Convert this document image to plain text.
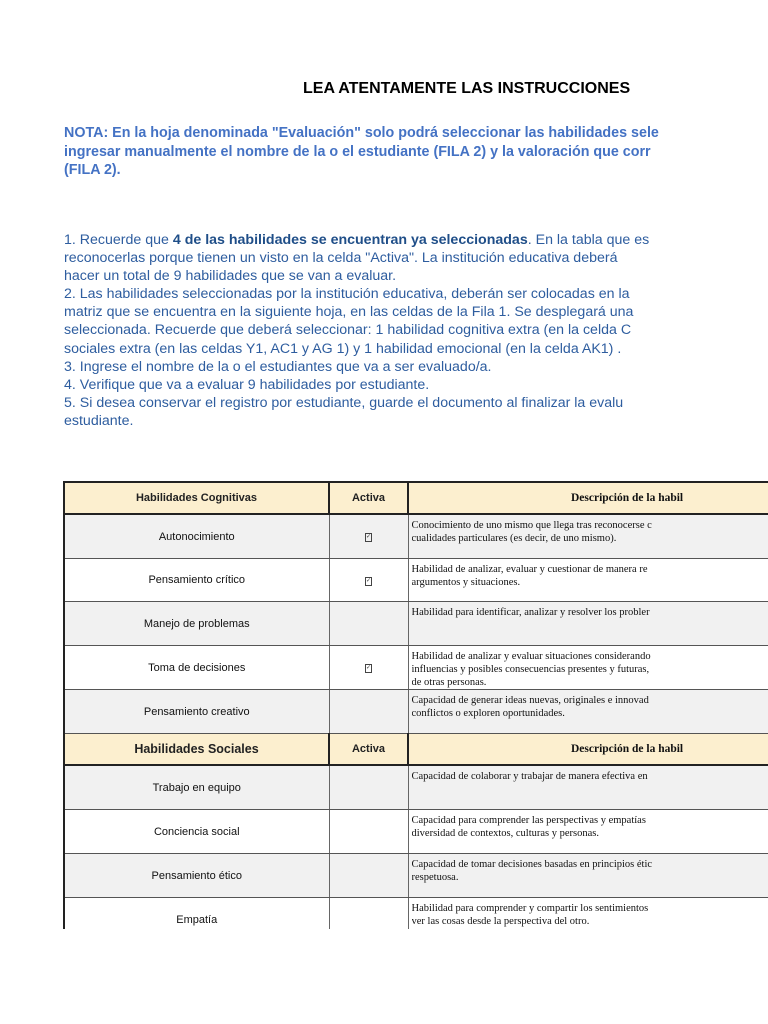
LEA ATENTAMENTE LAS INSTRUCCIONES
NOTA: En la hoja denominada "Evaluación" solo podrá seleccionar las habilidades sele
ingresar manualmente el nombre de la o el estudiante (FILA 2) y la valoración que corr
(FILA 2).
1. Recuerde que 4 de las habilidades se encuentran ya seleccionadas. En la tabla que es
reconocerlas porque tienen un visto en la celda "Activa". La institución educativa deberá
hacer un total de 9 habilidades que se van a evaluar.
2. Las habilidades seleccionadas por la institución educativa, deberán ser colocadas en la
matriz que se encuentra en la siguiente hoja, en las celdas de la Fila 1. Se desplegará una
seleccionada. Recuerde que deberá seleccionar: 1 habilidad cognitiva extra (en la celda C
sociales extra (en las celdas Y1, AC1 y AG 1) y 1 habilidad emocional (en la celda AK1) .
3. Ingrese el nombre de la o el estudiantes que va a ser evaluado/a.
4. Verifique que va a evaluar 9 habilidades por estudiante.
5. Si desea conservar el registro por estudiante, guarde el documento al finalizar la evalu
estudiante.
Habilidades Cognitivas	Activa	Descripción de la habil
Autonocimiento	✓	Conocimiento de uno mismo que llega tras reconocerse c
cualidades particulares (es decir, de uno mismo).

Pensamiento crítico	✓	Habilidad de analizar, evaluar y cuestionar de manera re
argumentos y situaciones.

Manejo de problemas		Habilidad para identificar, analizar y resolver los probler

Toma de decisiones	✓	Habilidad de analizar y evaluar situaciones considerando
influencias y posibles consecuencias presentes y futuras,
de otras personas.

Pensamiento creativo		Capacidad de generar ideas nuevas, originales e innovad
conflictos o exploren oportunidades.

Habilidades Sociales	Activa	Descripción de la habil
Trabajo en equipo		Capacidad de colaborar y trabajar de manera efectiva en

Conciencia social		Capacidad para comprender las perspectivas y empatías
diversidad de contextos, culturas y personas.

Pensamiento ético		Capacidad de tomar decisiones basadas en principios étic
respetuosa.

Empatía		Habilidad para comprender y compartir los sentimientos
ver las cosas desde la perspectiva del otro.
